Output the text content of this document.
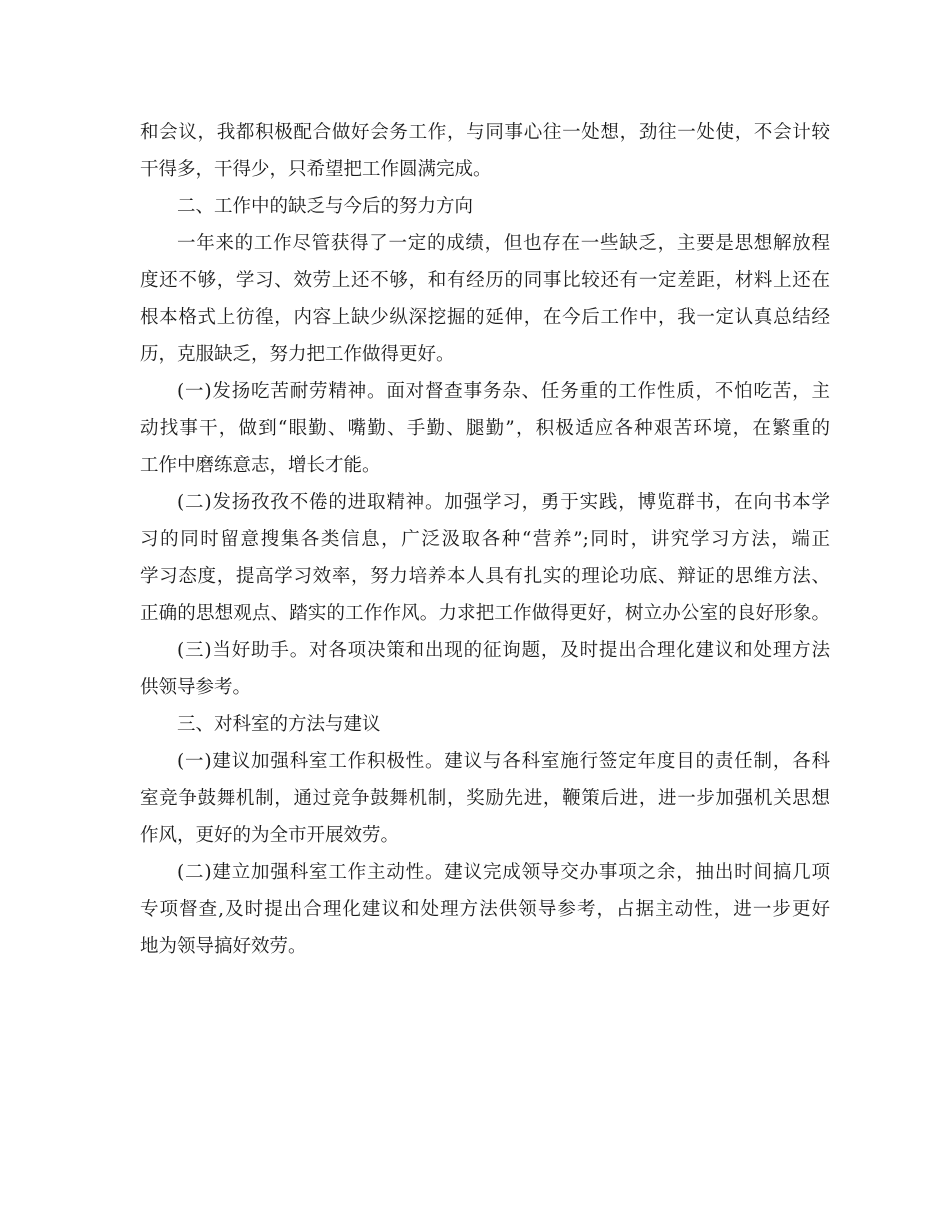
和会议，我都积极配合做好会务工作，与同事心往一处想，劲往一处使，不会计较
干得多，干得少，只希望把工作圆满完成。
二、工作中的缺乏与今后的努力方向
一年来的工作尽管获得了一定的成绩，但也存在一些缺乏，主要是思想解放程
度还不够，学习、效劳上还不够，和有经历的同事比较还有一定差距，材料上还在
根本格式上彷徨，内容上缺少纵深挖掘的延伸，在今后工作中，我一定认真总结经
历，克服缺乏，努力把工作做得更好。
(一)发扬吃苦耐劳精神。面对督查事务杂、任务重的工作性质，不怕吃苦，主
动找事干，做到“眼勤、嘴勤、手勤、腿勤”，积极适应各种艰苦环境，在繁重的
工作中磨练意志，增长才能。
(二)发扬孜孜不倦的进取精神。加强学习，勇于实践，博览群书，在向书本学
习的同时留意搜集各类信息，广泛汲取各种“营养”;同时，讲究学习方法，端正
学习态度，提高学习效率，努力培养本人具有扎实的理论功底、辩证的思维方法、
正确的思想观点、踏实的工作作风。力求把工作做得更好，树立办公室的良好形象。
(三)当好助手。对各项决策和出现的征询题，及时提出合理化建议和处理方法
供领导参考。
三、对科室的方法与建议
(一)建议加强科室工作积极性。建议与各科室施行签定年度目的责任制，各科
室竞争鼓舞机制，通过竞争鼓舞机制，奖励先进，鞭策后进，进一步加强机关思想
作风，更好的为全市开展效劳。
(二)建立加强科室工作主动性。建议完成领导交办事项之余，抽出时间搞几项
专项督查,及时提出合理化建议和处理方法供领导参考，占据主动性，进一步更好
地为领导搞好效劳。
